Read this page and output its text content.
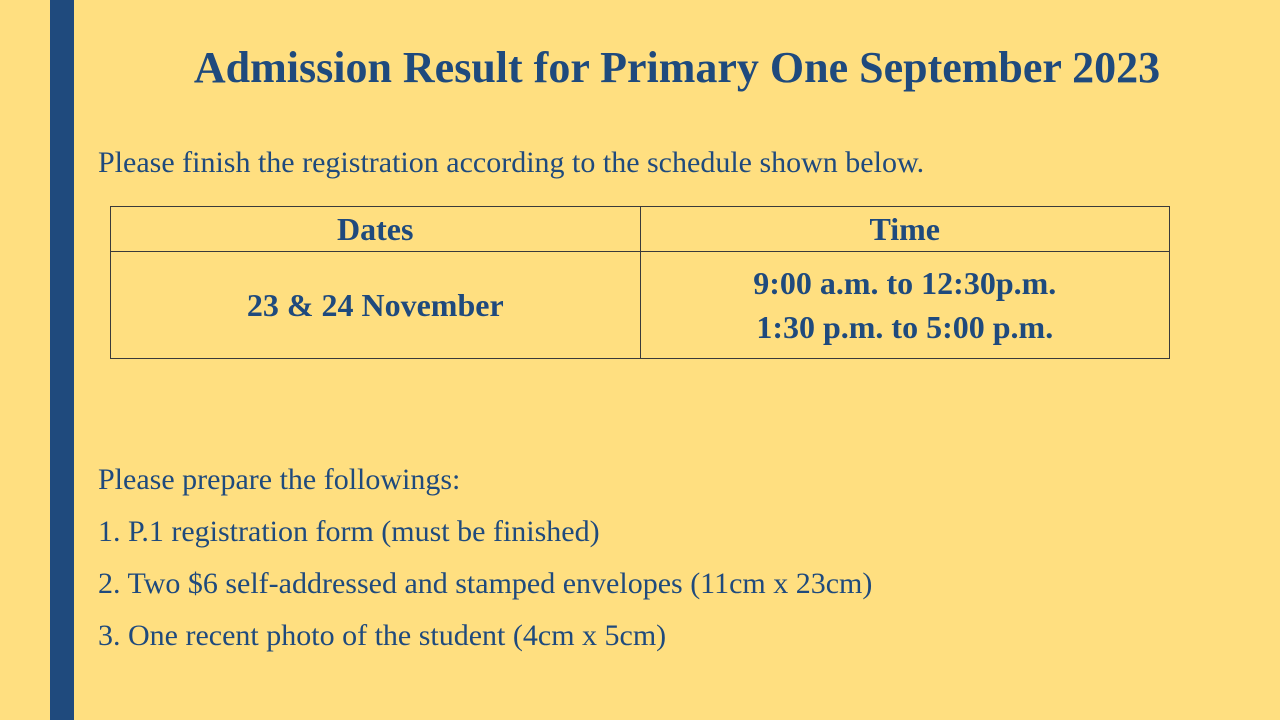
Admission Result for Primary One September 2023
Please finish the registration according to the schedule shown below.
Dates	Time
23 & 24 November	9:00 a.m. to 12:30p.m.
1:30 p.m. to 5:00 p.m.
Please prepare the followings:
1. P.1 registration form (must be finished)
2. Two $6 self-addressed and stamped envelopes (11cm x 23cm)
3. One recent photo of the student (4cm x 5cm)
